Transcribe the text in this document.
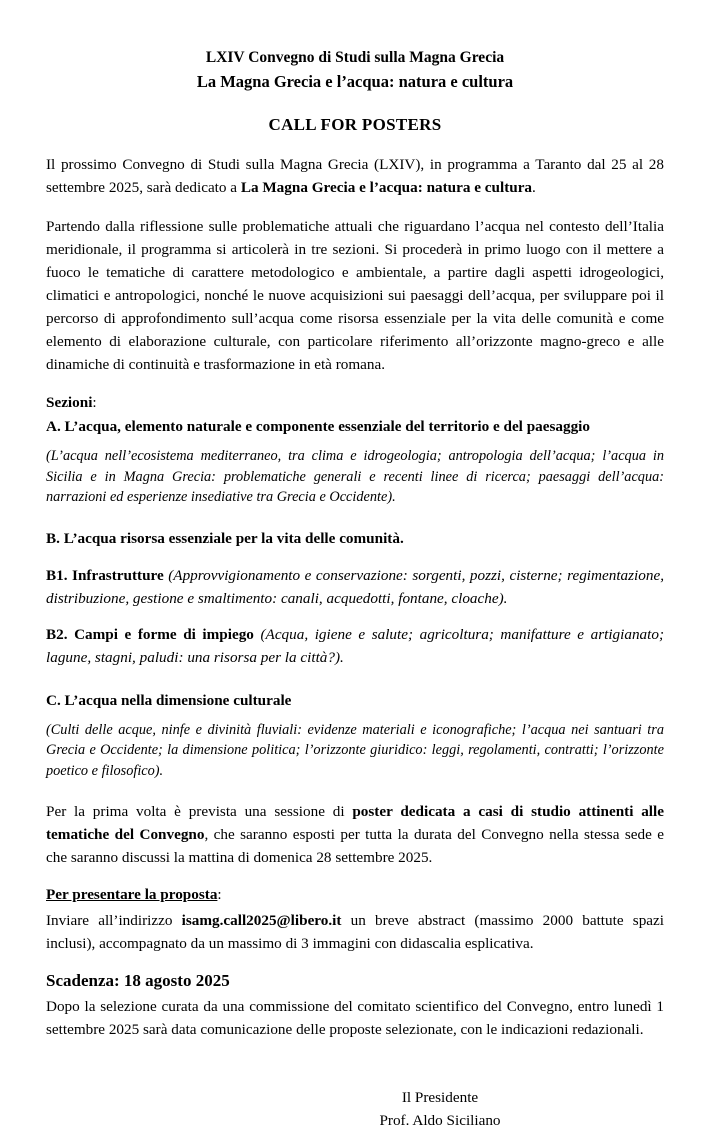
LXIV Convegno di Studi sulla Magna Grecia
La Magna Grecia e l’acqua: natura e cultura
CALL FOR POSTERS

Il prossimo Convegno di Studi sulla Magna Grecia (LXIV), in programma a Taranto dal 25 al 28 settembre 2025, sarà dedicato a La Magna Grecia e l’acqua: natura e cultura.

Partendo dalla riflessione sulle problematiche attuali che riguardano l’acqua nel contesto dell’Italia meridionale, il programma si articolerà in tre sezioni. Si procederà in primo luogo con il mettere a fuoco le tematiche di carattere metodologico e ambientale, a partire dagli aspetti idrogeologici, climatici e antropologici, nonché le nuove acquisizioni sui paesaggi dell’acqua, per sviluppare poi il percorso di approfondimento sull’acqua come risorsa essenziale per la vita delle comunità e come elemento di elaborazione culturale, con particolare riferimento all’orizzonte magno-greco e alle dinamiche di continuità e trasformazione in età romana.

Sezioni:
A. L’acqua, elemento naturale e componente essenziale del territorio e del paesaggio
(L’acqua nell’ecosistema mediterraneo, tra clima e idrogeologia; antropologia dell’acqua; l’acqua in Sicilia e in Magna Grecia: problematiche generali e recenti linee di ricerca; paesaggi dell’acqua: narrazioni ed esperienze insediative tra Grecia e Occidente).
B. L’acqua risorsa essenziale per la vita delle comunità.
B1. Infrastrutture (Approvvigionamento e conservazione: sorgenti, pozzi, cisterne; regimentazione, distribuzione, gestione e smaltimento: canali, acquedotti, fontane, cloache).
B2. Campi e forme di impiego (Acqua, igiene e salute; agricoltura; manifatture e artigianato; lagune, stagni, paludi: una risorsa per la città?).
C. L’acqua nella dimensione culturale
(Culti delle acque, ninfe e divinità fluviali: evidenze materiali e iconografiche; l’acqua nei santuari tra Grecia e Occidente; la dimensione politica; l’orizzonte giuridico: leggi, regolamenti, contratti; l’orizzonte poetico e filosofico).

Per la prima volta è prevista una sessione di poster dedicata a casi di studio attinenti alle tematiche del Convegno, che saranno esposti per tutta la durata del Convegno nella stessa sede e che saranno discussi la mattina di domenica 28 settembre 2025.

Per presentare la proposta:

Inviare all’indirizzo isamg.call2025@libero.it un breve abstract (massimo 2000 battute spazi inclusi), accompagnato da un massimo di 3 immagini con didascalia esplicativa.

Scadenza: 18 agosto 2025

Dopo la selezione curata da una commissione del comitato scientifico del Convegno, entro lunedì 1 settembre 2025 sarà data comunicazione delle proposte selezionate, con le indicazioni redazionali.

Il Presidente
Prof. Aldo Siciliano
